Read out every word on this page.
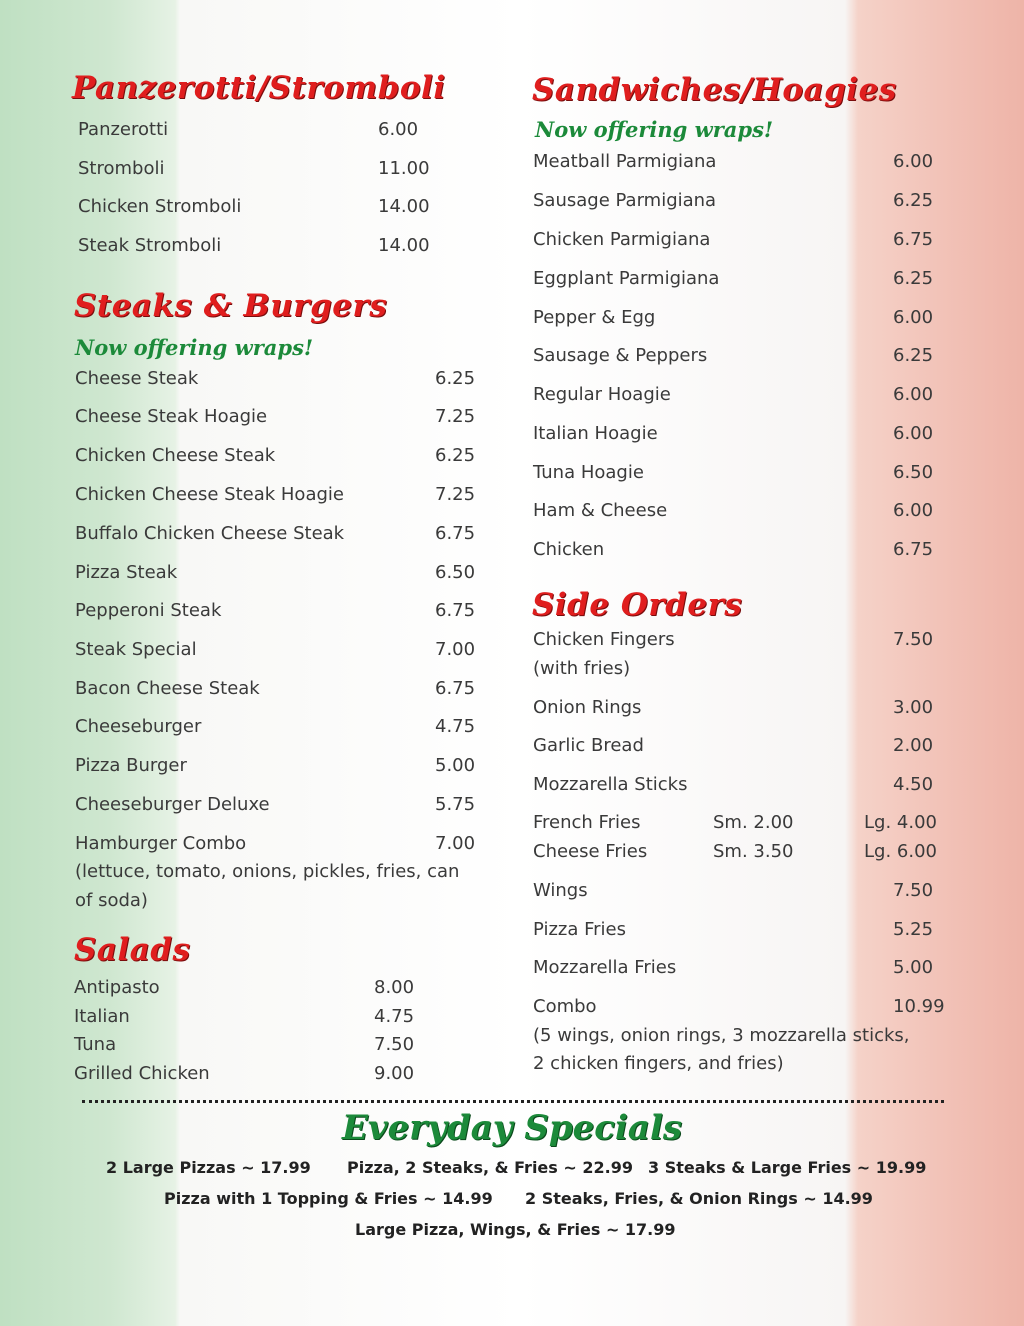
Panzerotti/Stromboli
Panzerotti	6.00
Stromboli	11.00
Chicken Stromboli	14.00
Steak Stromboli	14.00
Steaks & Burgers

Now offering wraps!

Cheese Steak	6.25
Cheese Steak Hoagie	7.25
Chicken Cheese Steak	6.25
Chicken Cheese Steak Hoagie	7.25
Buffalo Chicken Cheese Steak	6.75
Pizza Steak	6.50
Pepperoni Steak	6.75
Steak Special	7.00
Bacon Cheese Steak	6.75
Cheeseburger	4.75
Pizza Burger	5.00
Cheeseburger Deluxe	5.75
Hamburger Combo	7.00
(lettuce, tomato, onions, pickles, fries, can of soda)
Salads
Antipasto	8.00
Italian	4.75
Tuna	7.50
Grilled Chicken	9.00
Sandwiches/Hoagies

Now offering wraps!

Meatball Parmigiana	6.00
Sausage Parmigiana	6.25
Chicken Parmigiana	6.75
Eggplant Parmigiana	6.25
Pepper & Egg	6.00
Sausage & Peppers	6.25
Regular Hoagie	6.00
Italian Hoagie	6.00
Tuna Hoagie	6.50
Ham & Cheese	6.00
Chicken	6.75
Side Orders
Chicken Fingers	7.50
(with fries)
Onion Rings	3.00
Garlic Bread	2.00
Mozzarella Sticks	4.50
French Fries	Sm. 2.00	Lg. 4.00
Cheese Fries	Sm. 3.50	Lg. 6.00
Wings	7.50
Pizza Fries	5.25
Mozzarella Fries	5.00
Combo	10.99
(5 wings, onion rings, 3 mozzarella sticks,
2 chicken fingers, and fries)
Everyday Specials
2 Large Pizzas ~ 17.99 Pizza, 2 Steaks, & Fries ~ 22.99 3 Steaks & Large Fries ~ 19.99
Pizza with 1 Topping & Fries ~ 14.99 2 Steaks, Fries, & Onion Rings ~ 14.99
Large Pizza, Wings, & Fries ~ 17.99
